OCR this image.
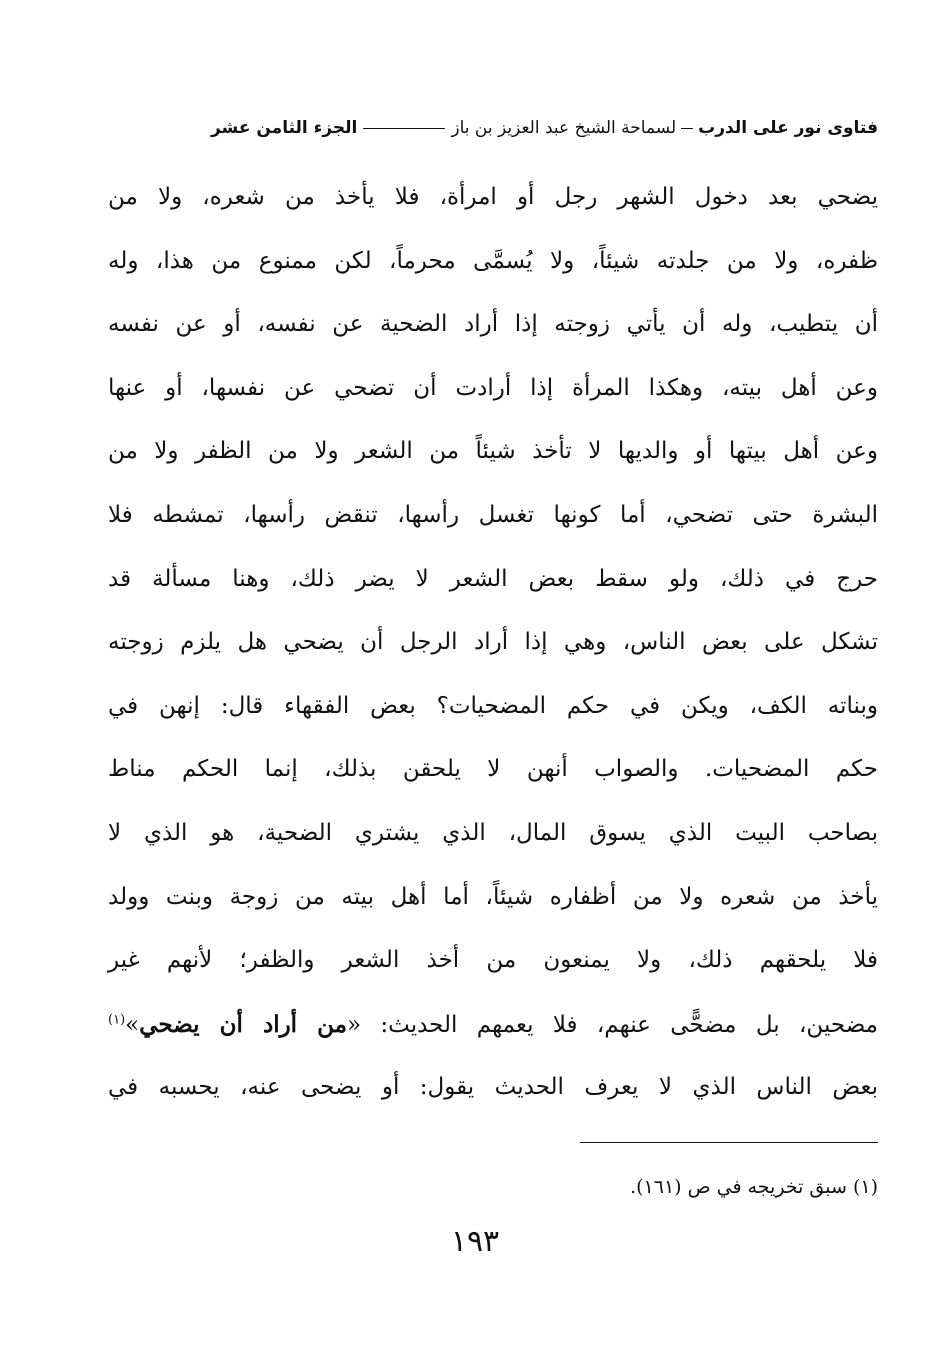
فتاوى نور على الدرب
لسماحة الشيخ عبد العزيز بن باز
الجزء الثامن عشر
يضحي بعد دخول الشهر رجل أو امرأة، فلا يأخذ من شعره، ولا من
ظفره، ولا من جلدته شيئاً، ولا يُسمَّى محرماً، لكن ممنوع من هذا، وله
أن يتطيب، وله أن يأتي زوجته إذا أراد الضحية عن نفسه، أو عن نفسه
وعن أهل بيته، وهكذا المرأة إذا أرادت أن تضحي عن نفسها، أو عنها
وعن أهل بيتها أو والديها لا تأخذ شيئاً من الشعر ولا من الظفر ولا من
البشرة حتى تضحي، أما كونها تغسل رأسها، تنقض رأسها، تمشطه فلا
حرج في ذلك، ولو سقط بعض الشعر لا يضر ذلك، وهنا مسألة قد
تشكل على بعض الناس، وهي إذا أراد الرجل أن يضحي هل يلزم زوجته
وبناته الكف، ويكن في حكم المضحيات؟ بعض الفقهاء قال: إنهن في
حكم المضحيات. والصواب أنهن لا يلحقن بذلك، إنما الحكم مناط
بصاحب البيت الذي يسوق المال، الذي يشتري الضحية، هو الذي لا
يأخذ من شعره ولا من أظفاره شيئاً، أما أهل بيته من زوجة وبنت وولد
فلا يلحقهم ذلك، ولا يمنعون من أخذ الشعر والظفر؛ لأنهم غير
مضحين، بل مضحًّى عنهم، فلا يعمهم الحديث: «من أراد أن يضحي»$^{(١)}$
بعض الناس الذي لا يعرف الحديث يقول: أو يضحى عنه، يحسبه في
(١) سبق تخريجه في ص (١٦١).
١٩٣
